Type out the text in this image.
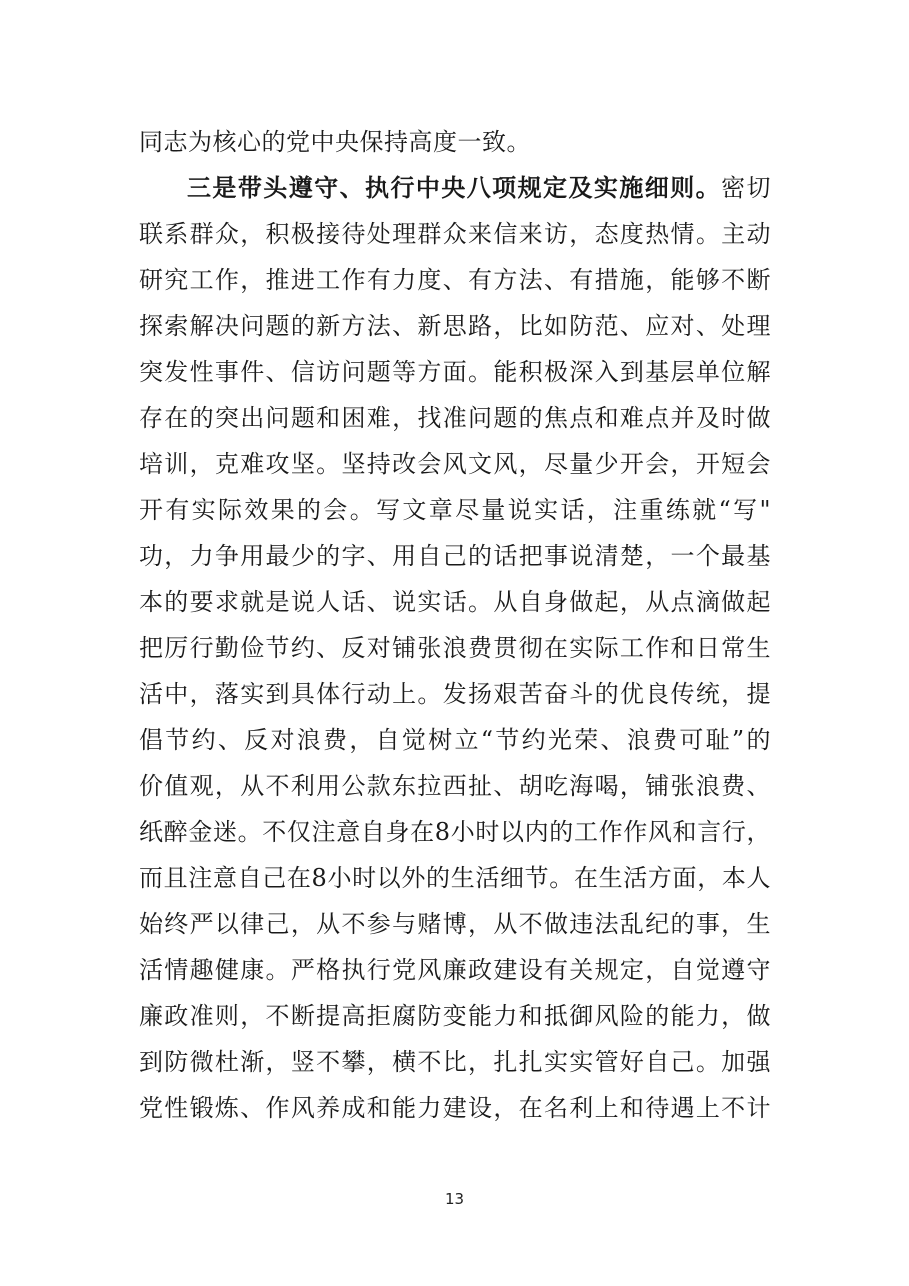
同志为核心的党中央保持高度一致。
三是带头遵守、执行中央八项规定及实施细则。密切
联系群众，积极接待处理群众来信来访，态度热情。主动
研究工作，推进工作有力度、有方法、有措施，能够不断
探索解决问题的新方法、新思路，比如防范、应对、处理
突发性事件、信访问题等方面。能积极深入到基层单位解
存在的突出问题和困难，找准问题的焦点和难点并及时做
培训，克难攻坚。坚持改会风文风，尽量少开会，开短会
开有实际效果的会。写文章尽量说实话，注重练就“写"
功，力争用最少的字、用自己的话把事说清楚，一个最基
本的要求就是说人话、说实话。从自身做起，从点滴做起
把厉行勤俭节约、反对铺张浪费贯彻在实际工作和日常生
活中，落实到具体行动上。发扬艰苦奋斗的优良传统，提
倡节约、反对浪费，自觉树立“节约光荣、浪费可耻”的
价值观，从不利用公款东拉西扯、胡吃海喝，铺张浪费、
纸醉金迷。不仅注意自身在8小时以内的工作作风和言行，
而且注意自己在8小时以外的生活细节。在生活方面，本人
始终严以律己，从不参与赌博，从不做违法乱纪的事，生
活情趣健康。严格执行党风廉政建设有关规定，自觉遵守
廉政准则，不断提高拒腐防变能力和抵御风险的能力，做
到防微杜渐，竖不攀，横不比，扎扎实实管好自己。加强
党性锻炼、作风养成和能力建设，在名利上和待遇上不计
13
